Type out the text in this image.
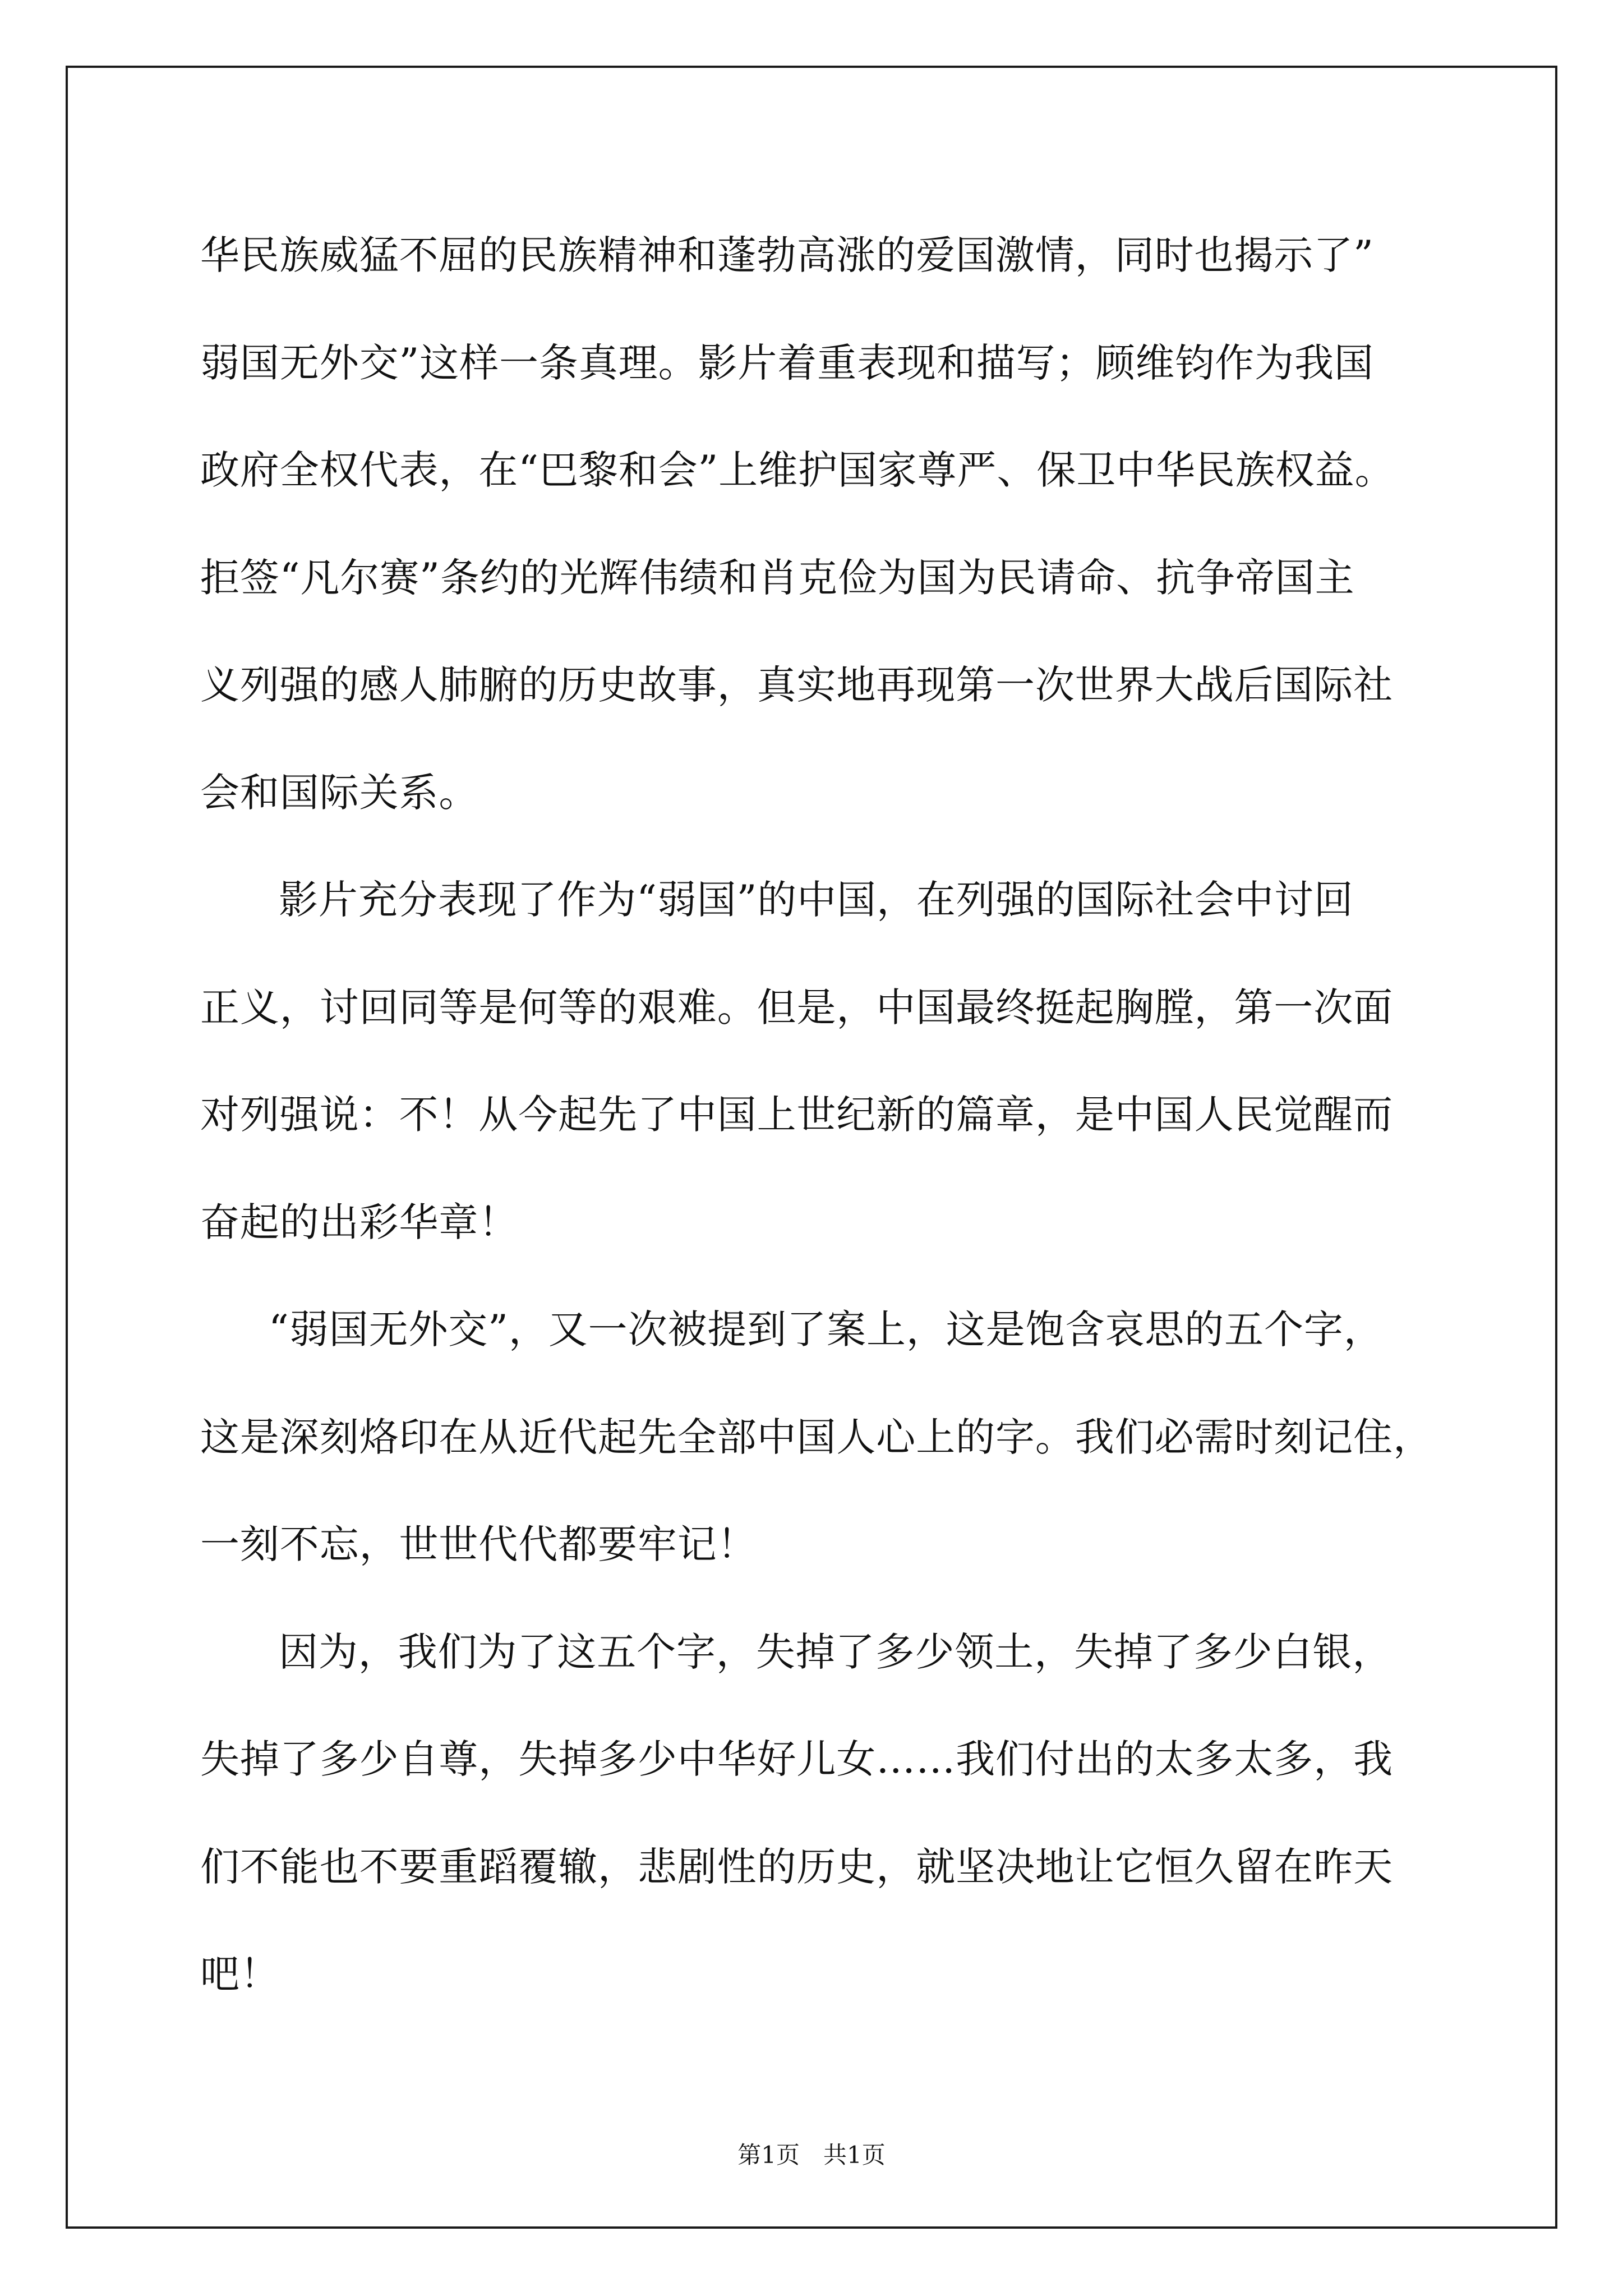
华民族威猛不屈的民族精神和蓬勃高涨的爱国激情，同时也揭示了”
弱国无外交”这样一条真理。影片着重表现和描写；顾维钧作为我国
政府全权代表，在“巴黎和会”上维护国家尊严、保卫中华民族权益。
拒签“凡尔赛”条约的光辉伟绩和肖克俭为国为民请命、抗争帝国主
义列强的感人肺腑的历史故事，真实地再现第一次世界大战后国际社
会和国际关系。
影片充分表现了作为“弱国”的中国，在列强的国际社会中讨回
正义，讨回同等是何等的艰难。但是，中国最终挺起胸膛，第一次面
对列强说：不！从今起先了中国上世纪新的篇章，是中国人民觉醒而
奋起的出彩华章！
“弱国无外交”，又一次被提到了案上，这是饱含哀思的五个字，
这是深刻烙印在从近代起先全部中国人心上的字。我们必需时刻记住，
一刻不忘，世世代代都要牢记！
因为，我们为了这五个字，失掉了多少领土，失掉了多少白银，
失掉了多少自尊，失掉多少中华好儿女……我们付出的太多太多，我
们不能也不要重蹈覆辙，悲剧性的历史，就坚决地让它恒久留在昨天
吧！
第1页　共1页
